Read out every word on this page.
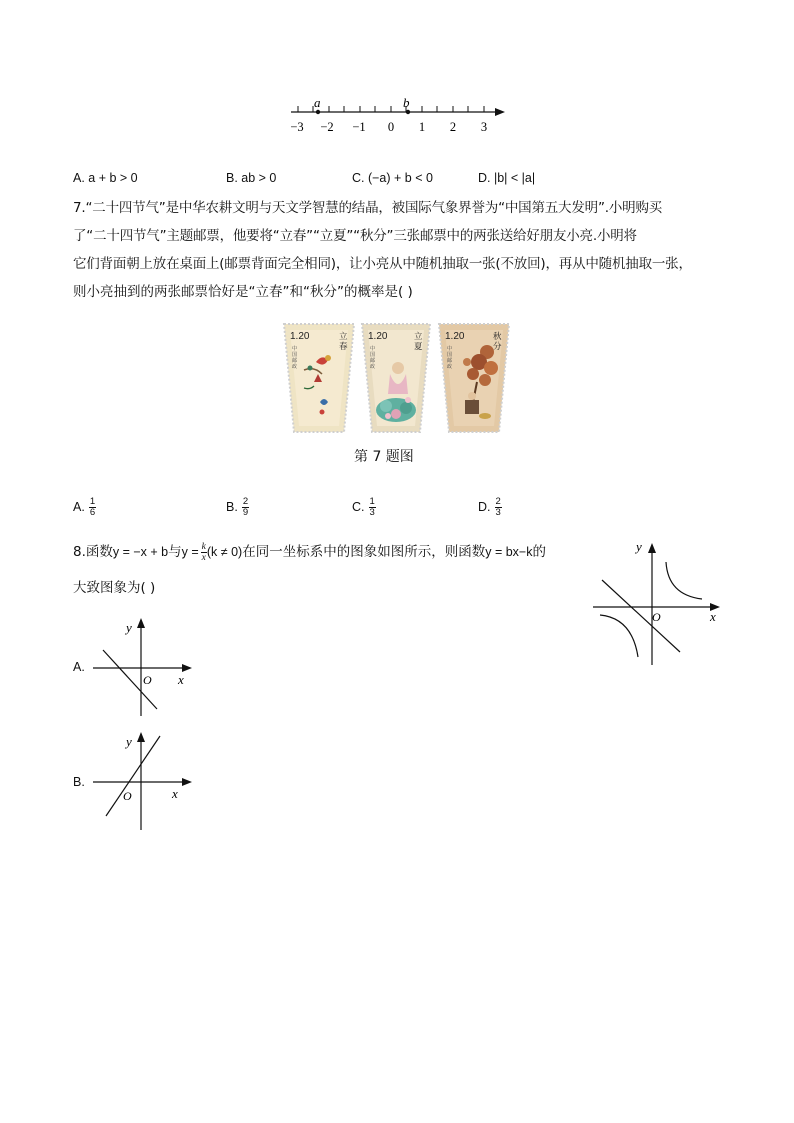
a	b
−3 −2 −1 0 1 2 3
A. a + b > 0	B. ab > 0	C. (−a) + b < 0	D. |b| < |a|
7.“二十四节气”是中华农耕文明与天文学智慧的结晶，被国际气象界誉为“中国第五大发明”.小明购买
了“二十四节气”主题邮票，他要将“立春”“立夏”“秋分”三张邮票中的两张送给好朋友小亮.小明将
它们背面朝上放在桌面上(邮票背面完全相同)，让小亮从中随机抽取一张(不放回)，再从中随机抽取一张，
则小亮抽到的两张邮票恰好是“立春”和“秋分”的概率是( )
1.20	立春
中国邮政
1.20	立夏
中国邮政
1.20	秋分
中国邮政
第 7 题图
A. $\frac{1}{6}$	B. $\frac{2}{9}$	C. $\frac{1}{3}$	D. $\frac{2}{3}$
8.函数y = −x + b与$y = \frac{k}{x} (k \ne 0)$在同一坐标系中的图象如图所示，则函数y = bx−k的
大致图象为( )
y
x
O
A.
y
x
O
B.
y
x
O
